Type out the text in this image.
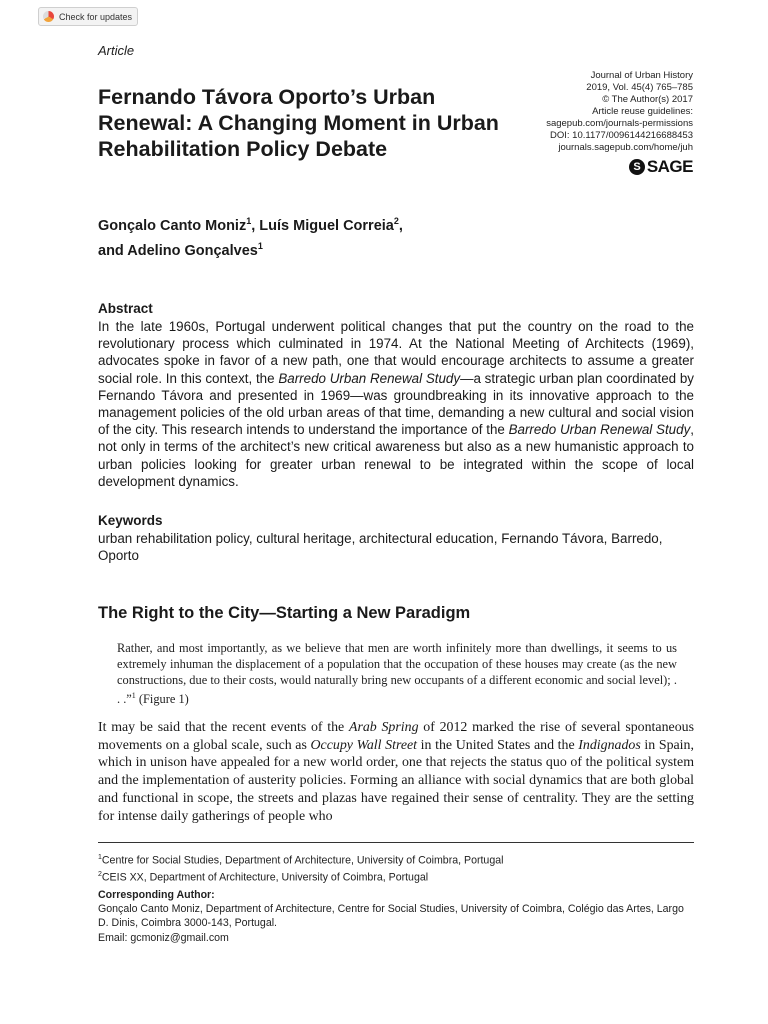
Check for updates
Article
Fernando Távora Oporto’s Urban Renewal: A Changing Moment in Urban Rehabilitation Policy Debate
Journal of Urban History
2019, Vol. 45(4) 765–785
© The Author(s) 2017
Article reuse guidelines:
sagepub.com/journals-permissions
DOI: 10.1177/0096144216688453
journals.sagepub.com/home/juh
S SAGE
Gonçalo Canto Moniz$^1$, Luís Miguel Correia$^2$,
and Adelino Gonçalves$^1$
Abstract
In the late 1960s, Portugal underwent political changes that put the country on the road to the revolutionary process which culminated in 1974. At the National Meeting of Architects (1969), advocates spoke in favor of a new path, one that would encourage architects to assume a greater social role. In this context, the Barredo Urban Renewal Study—a strategic urban plan coordinated by Fernando Távora and presented in 1969—was groundbreaking in its innovative approach to the management policies of the old urban areas of that time, demanding a new cultural and social vision of the city. This research intends to understand the importance of the Barredo Urban Renewal Study, not only in terms of the architect’s new critical awareness but also as a new humanistic approach to urban policies looking for greater urban renewal to be integrated within the scope of local development dynamics.
Keywords
urban rehabilitation policy, cultural heritage, architectural education, Fernando Távora, Barredo, Oporto
The Right to the City—Starting a New Paradigm
Rather, and most importantly, as we believe that men are worth infinitely more than dwellings, it seems to us extremely inhuman the displacement of a population that the occupation of these houses may create (as the new constructions, due to their costs, would naturally bring new occupants of a different economic and social level); . . .”$^1$ (Figure 1)
It may be said that the recent events of the Arab Spring of 2012 marked the rise of several spontaneous movements on a global scale, such as Occupy Wall Street in the United States and the Indignados in Spain, which in unison have appealed for a new world order, one that rejects the status quo of the political system and the implementation of austerity policies. Forming an alliance with social dynamics that are both global and functional in scope, the streets and plazas have regained their sense of centrality. They are the setting for intense daily gatherings of people who
$^1$Centre for Social Studies, Department of Architecture, University of Coimbra, Portugal
$^2$CEIS XX, Department of Architecture, University of Coimbra, Portugal
Corresponding Author:
Gonçalo Canto Moniz, Department of Architecture, Centre for Social Studies, University of Coimbra, Colégio das Artes, Largo D. Dinis, Coimbra 3000-143, Portugal.
Email: gcmoniz@gmail.com
